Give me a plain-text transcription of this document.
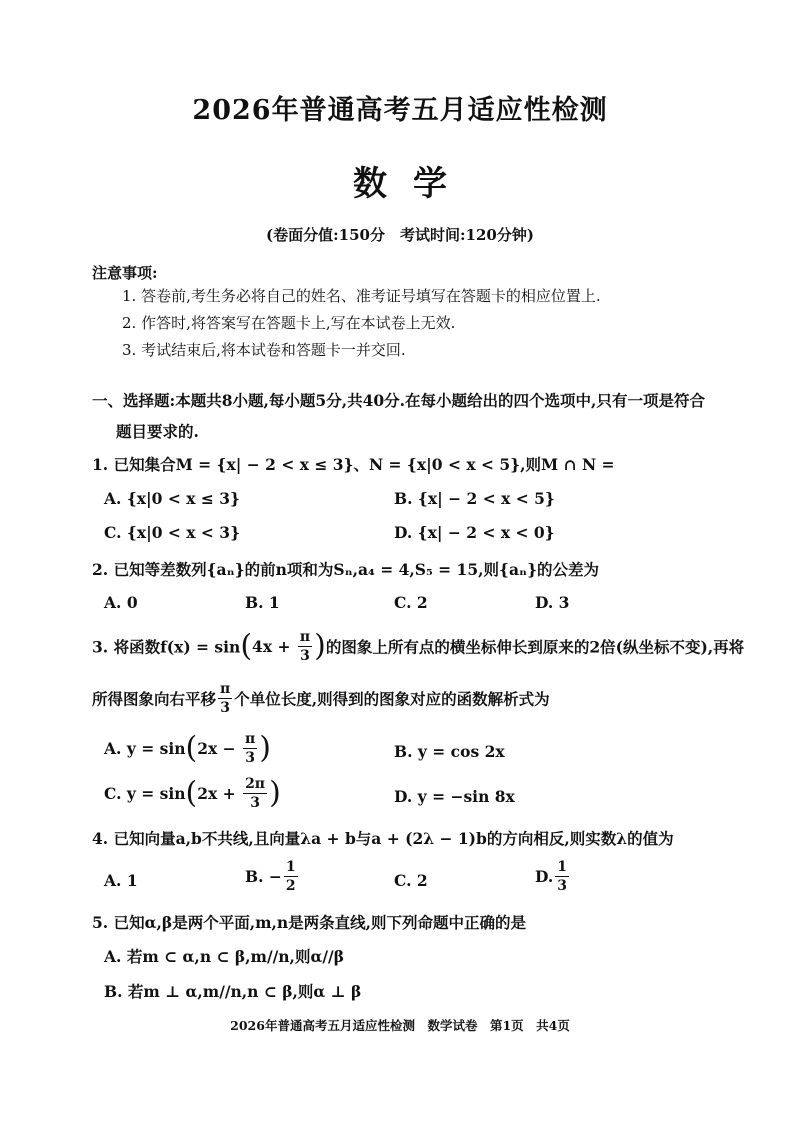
2026年普通高考五月适应性检测
数学
(卷面分值:150分　考试时间:120分钟)
注意事项:
1. 答卷前,考生务必将自己的姓名、准考证号填写在答题卡的相应位置上.
2. 作答时,将答案写在答题卡上,写在本试卷上无效.
3. 考试结束后,将本试卷和答题卡一并交回.
一、选择题:本题共8小题,每小题5分,共40分.在每小题给出的四个选项中,只有一项是符合
题目要求的.
1. 已知集合M = {x| − 2 < x ≤ 3}、N = {x|0 < x < 5},则M ∩ N =
A. {x|0 < x ≤ 3}	B. {x| − 2 < x < 5}
C. {x|0 < x < 3}	D. {x| − 2 < x < 0}
2. 已知等差数列{aₙ}的前n项和为Sₙ,a₄ = 4,S₅ = 15,则{aₙ}的公差为
A. 0	B. 1	C. 2	D. 3
3. 将函数$f(x) = \sin(4x + \frac{\pi}{3}$ )的图象上所有点的横坐标伸长到原来的2倍(纵坐标不变),再将
所得图象向右平移 $\frac{\pi}{3}$ 个单位长度,则得到的图象对应的函数解析式为
A. $y = \sin(2x - \frac{\pi}{3}$ )	B. y = cos 2x
C. $y = \sin(2x + \frac{2\pi}{3}$ )	D. y = −sin 8x
4. 已知向量a,b不共线,且向量λa + b与a + (2λ − 1)b的方向相反,则实数λ的值为
A. 1	B. − $\frac{1}{2}$	C. 2	D. $\frac{1}{3}$
5. 已知α,β是两个平面,m,n是两条直线,则下列命题中正确的是
A. 若m ⊂ α,n ⊂ β,m//n,则α//β
B. 若m ⊥ α,m//n,n ⊂ β,则α ⊥ β
2026年普通高考五月适应性检测　数学试卷　第1页　共4页
